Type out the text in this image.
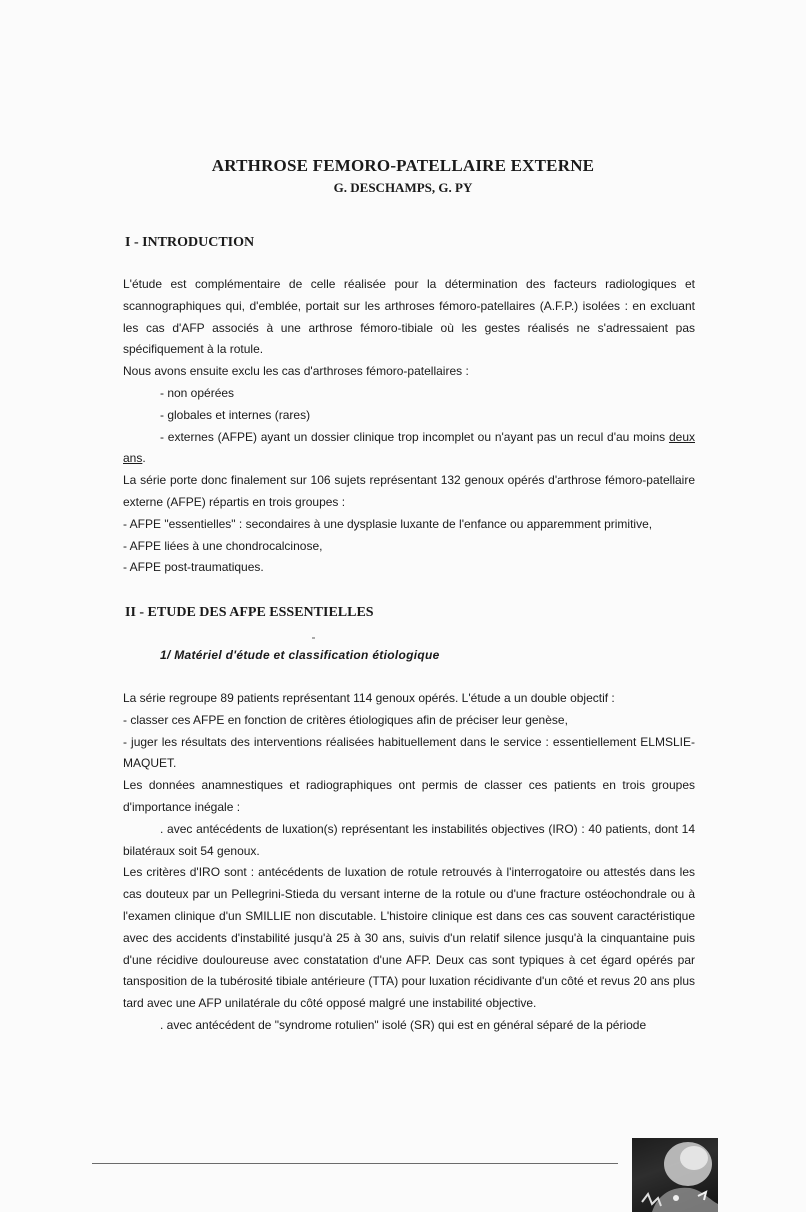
ARTHROSE FEMORO-PATELLAIRE EXTERNE
G. DESCHAMPS, G. PY
I - INTRODUCTION

L'étude est complémentaire de celle réalisée pour la détermination des facteurs radiologiques et scannographiques qui, d'emblée, portait sur les arthroses fémoro-patellaires (A.F.P.) isolées : en excluant les cas d'AFP associés à une arthrose fémoro-tibiale où les gestes réalisés ne s'adressaient pas spécifiquement à la rotule.

Nous avons ensuite exclu les cas d'arthroses fémoro-patellaires :

- non opérées

- globales et internes (rares)

- externes (AFPE) ayant un dossier clinique trop incomplet ou n'ayant pas un recul d'au moins deux ans.

La série porte donc finalement sur 106 sujets représentant 132 genoux opérés d'arthrose fémoro-patellaire externe (AFPE) répartis en trois groupes :

- AFPE "essentielles" : secondaires à une dysplasie luxante de l'enfance ou apparemment primitive,

- AFPE liées à une chondrocalcinose,

- AFPE post-traumatiques.

II - ETUDE DES AFPE ESSENTIELLES
1/ Matériel d'étude et classification étiologique

La série regroupe 89 patients représentant 114 genoux opérés. L'étude a un double objectif :

- classer ces AFPE en fonction de critères étiologiques afin de préciser leur genèse,

- juger les résultats des interventions réalisées habituellement dans le service : essentiellement ELMSLIE-MAQUET.

Les données anamnestiques et radiographiques ont permis de classer ces patients en trois groupes d'importance inégale :

. avec antécédents de luxation(s) représentant les instabilités objectives (IRO) : 40 patients, dont 14 bilatéraux soit 54 genoux.

Les critères d'IRO sont : antécédents de luxation de rotule retrouvés à l'interrogatoire ou attestés dans les cas douteux par un Pellegrini-Stieda du versant interne de la rotule ou d'une fracture ostéochondrale ou à l'examen clinique d'un SMILLIE non discutable. L'histoire clinique est dans ces cas souvent caractéristique avec des accidents d'instabilité jusqu'à 25 à 30 ans, suivis d'un relatif silence jusqu'à la cinquantaine puis d'une récidive douloureuse avec constatation d'une AFP. Deux cas sont typiques à cet égard opérés par tansposition de la tubérosité tibiale antérieure (TTA) pour luxation récidivante d'un côté et revus 20 ans plus tard avec une AFP unilatérale du côté opposé malgré une instabilité objective.

. avec antécédent de "syndrome rotulien" isolé (SR) qui est en général séparé de la période
